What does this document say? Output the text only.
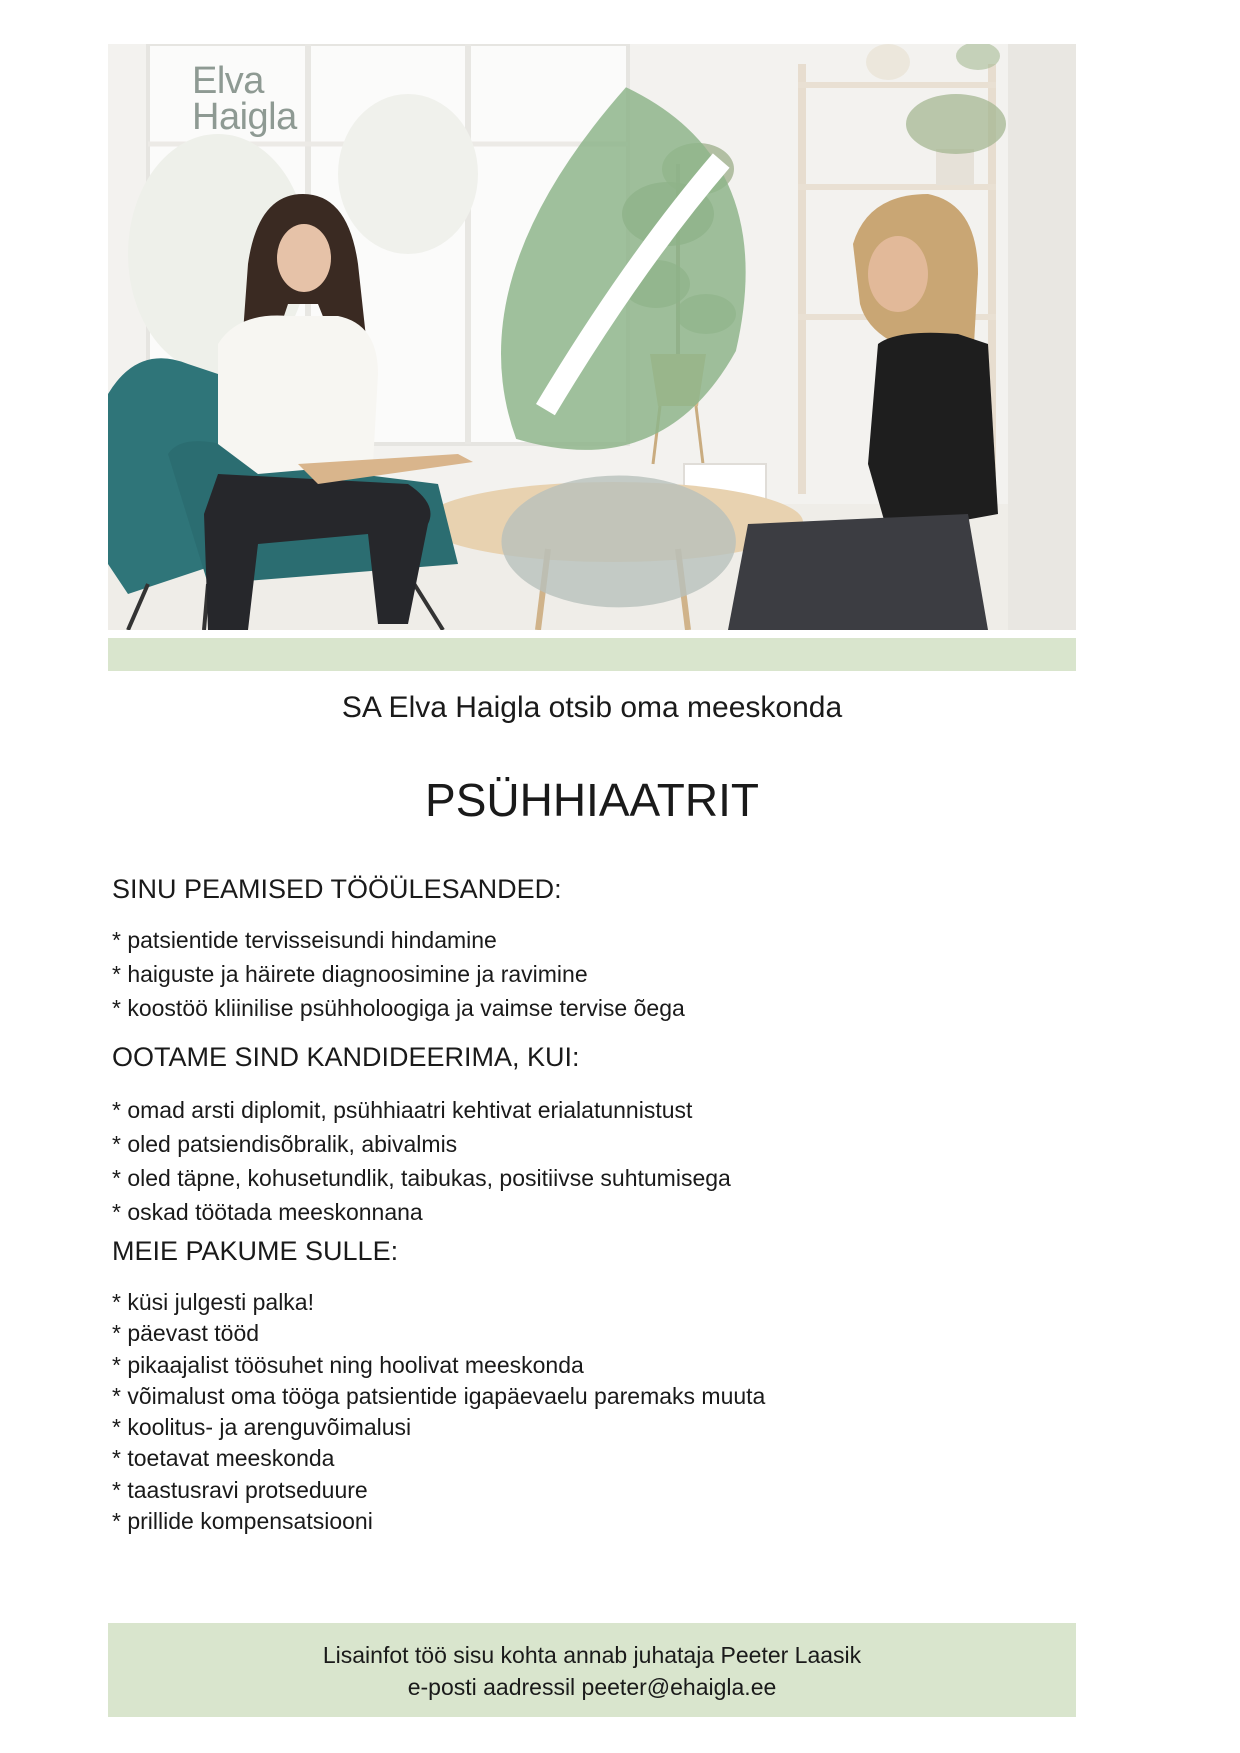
Elva
Haigla
SA Elva Haigla otsib oma meeskonda
PSÜHHIAATRIT
SINU PEAMISED TÖÖÜLESANDED:
* patsientide tervisseisundi hindamine
* haiguste ja häirete diagnoosimine ja ravimine
* koostöö kliinilise psühholoogiga ja vaimse tervise õega
OOTAME SIND KANDIDEERIMA, KUI:
* omad arsti diplomit, psühhiaatri kehtivat erialatunnistust
* oled patsiendisõbralik, abivalmis
* oled täpne, kohusetundlik, taibukas, positiivse suhtumisega
* oskad töötada meeskonnana
MEIE PAKUME SULLE:
* küsi julgesti palka!
* päevast tööd
* pikaajalist töösuhet ning hoolivat meeskonda
* võimalust oma tööga patsientide igapäevaelu paremaks muuta
* koolitus- ja arenguvõimalusi
* toetavat meeskonda
* taastusravi protseduure
* prillide kompensatsiooni
Lisainfot töö sisu kohta annab juhataja Peeter Laasik
e-posti aadressil peeter@ehaigla.ee
